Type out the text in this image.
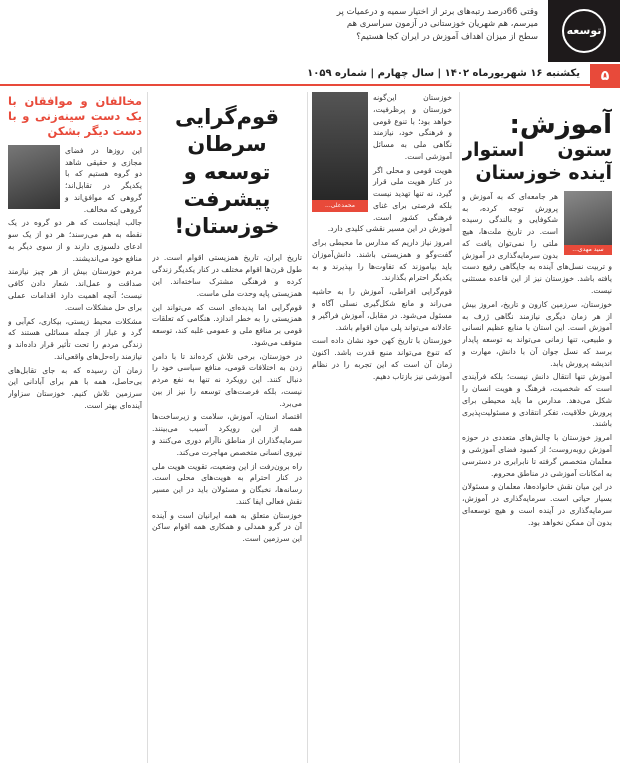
توسعه
وقتی 66درصد رتبه‌های برتر از اختیار سمیه و درعمیات پر میرسم، هم شهریان خوزستانی در آزمون سراسری هم سطح از میزان اهداف آموزش در ایران کجا هستیم؟
۵
یکشنبه ۱۶ شهریورماه ۱۴۰۲ | سال چهارم | شماره ۱۰۵۹
آموزش:
ستون استوار آینده خوزستان
سید مهدی...

هر جامعه‌ای که به آموزش و پرورش توجه کرده، به شکوفایی و بالندگی رسیده است. در تاریخ ملت‌ها، هیچ ملتی را نمی‌توان یافت که بدون سرمایه‌گذاری در آموزش و تربیت نسل‌های آینده به جایگاهی رفیع دست یافته باشد. خوزستان نیز از این قاعده مستثنی نیست.

خوزستان، سرزمین کارون و تاریخ، امروز بیش از هر زمان دیگری نیازمند نگاهی ژرف به آموزش است. این استان با منابع عظیم انسانی و طبیعی، تنها زمانی می‌تواند به توسعه پایدار برسد که نسل جوان آن با دانش، مهارت و اندیشه پرورش یابد.

آموزش تنها انتقال دانش نیست؛ بلکه فرآیندی است که شخصیت، فرهنگ و هویت انسان را شکل می‌دهد. مدارس ما باید محیطی برای پرورش خلاقیت، تفکر انتقادی و مسئولیت‌پذیری باشند.

امروز خوزستان با چالش‌های متعددی در حوزه آموزش روبه‌روست؛ از کمبود فضای آموزشی و معلمان متخصص گرفته تا نابرابری در دسترسی به امکانات آموزشی در مناطق محروم.

در این میان نقش خانواده‌ها، معلمان و مسئولان بسیار حیاتی است. سرمایه‌گذاری در آموزش، سرمایه‌گذاری در آینده است و هیچ توسعه‌ای بدون آن ممکن نخواهد بود.

محمدعلی...

خوزستان این‌گونه خوزستان و پرظرفیت، خواهد بود؛ با تنوع قومی و فرهنگی خود، نیازمند نگاهی ملی به مسائل آموزشی است.

هویت قومی و محلی اگر در کنار هویت ملی قرار گیرد، نه تنها تهدید نیست بلکه فرصتی برای غنای فرهنگی کشور است. آموزش در این مسیر نقشی کلیدی دارد.

امروز نیاز داریم که مدارس ما محیطی برای گفت‌وگو و همزیستی باشند. دانش‌آموزان باید بیاموزند که تفاوت‌ها را بپذیرند و به یکدیگر احترام بگذارند.

قوم‌گرایی افراطی، آموزش را به حاشیه می‌راند و مانع شکل‌گیری نسلی آگاه و مسئول می‌شود. در مقابل، آموزش فراگیر و عادلانه می‌تواند پلی میان اقوام باشد.

خوزستان با تاریخ کهن خود نشان داده است که تنوع می‌تواند منبع قدرت باشد. اکنون زمان آن است که این تجربه را در نظام آموزشی نیز بازتاب دهیم.

قوم‌گرایی سرطان توسعه و پیشرفت خوزستان!

تاریخ ایران، تاریخ همزیستی اقوام است. در طول قرن‌ها اقوام مختلف در کنار یکدیگر زندگی کرده و فرهنگی مشترک ساخته‌اند. این همزیستی پایه وحدت ملی ماست.

قوم‌گرایی اما پدیده‌ای است که می‌تواند این همزیستی را به خطر اندازد. هنگامی که تعلقات قومی بر منافع ملی و عمومی غلبه کند، توسعه متوقف می‌شود.

در خوزستان، برخی تلاش کرده‌اند تا با دامن زدن به اختلافات قومی، منافع سیاسی خود را دنبال کنند. این رویکرد نه تنها به نفع مردم نیست، بلکه فرصت‌های توسعه را نیز از بین می‌برد.

اقتصاد استان، آموزش، سلامت و زیرساخت‌ها همه از این رویکرد آسیب می‌بینند. سرمایه‌گذاران از مناطق ناآرام دوری می‌کنند و نیروی انسانی متخصص مهاجرت می‌کند.

راه برون‌رفت از این وضعیت، تقویت هویت ملی در کنار احترام به هویت‌های محلی است. رسانه‌ها، نخبگان و مسئولان باید در این مسیر نقش فعالی ایفا کنند.

خوزستان متعلق به همه ایرانیان است و آینده آن در گرو همدلی و همکاری همه اقوام ساکن این سرزمین است.

مخالفان و موافقان با یک دست سینه‌زنی و با دست دیگر بشکن

این روزها در فضای مجازی و حقیقی شاهد دو گروه هستیم که با یکدیگر در تقابل‌اند؛ گروهی که موافق‌اند و گروهی که مخالف.

جالب اینجاست که هر دو گروه در یک نقطه به هم می‌رسند؛ هر دو از یک سو ادعای دلسوزی دارند و از سوی دیگر به منافع خود می‌اندیشند.

مردم خوزستان بیش از هر چیز نیازمند صداقت و عمل‌اند. شعار دادن کافی نیست؛ آنچه اهمیت دارد اقدامات عملی برای حل مشکلات است.

مشکلات محیط زیستی، بیکاری، کم‌آبی و گرد و غبار از جمله مسائلی هستند که زندگی مردم را تحت تأثیر قرار داده‌اند و نیازمند راه‌حل‌های واقعی‌اند.

زمان آن رسیده که به جای تقابل‌های بی‌حاصل، همه با هم برای آبادانی این سرزمین تلاش کنیم. خوزستان سزاوار آینده‌ای بهتر است.
